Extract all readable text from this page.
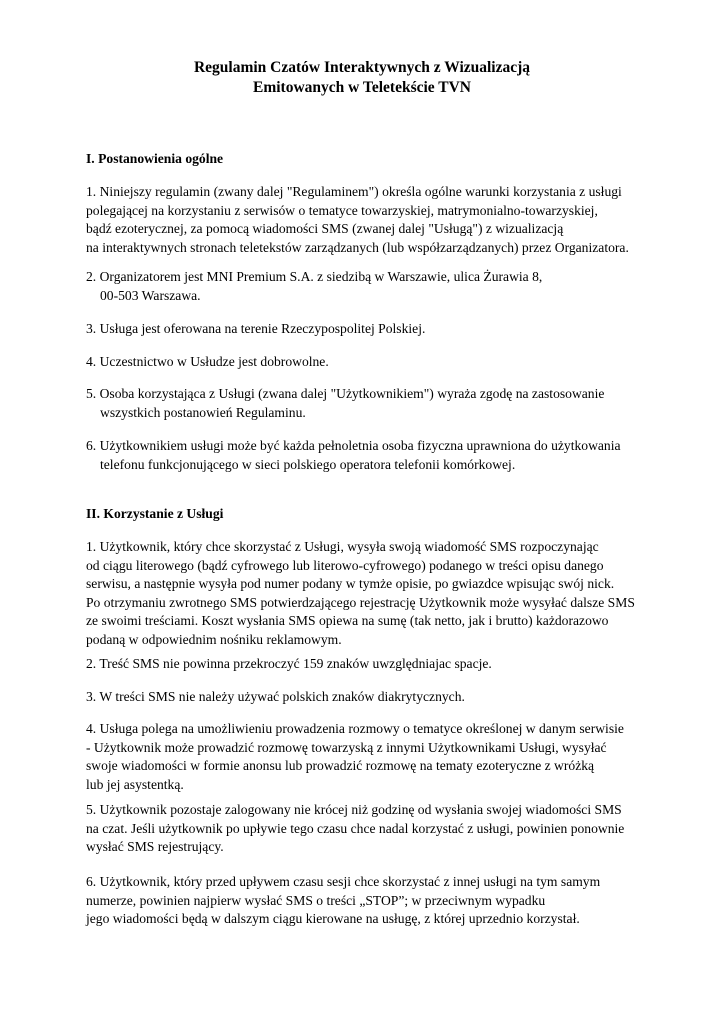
Regulamin Czatów Interaktywnych z Wizualizacją
Emitowanych w Teletekście TVN
I. Postanowienia ogólne
1. Niniejszy regulamin (zwany dalej "Regulaminem") określa ogólne warunki korzystania z usługi
polegającej na korzystaniu z serwisów o tematyce towarzyskiej, matrymonialno-towarzyskiej,
bądź ezoterycznej, za pomocą wiadomości SMS (zwanej dalej "Usługą") z wizualizacją
na interaktywnych stronach teletekstów zarządzanych (lub współzarządzanych) przez Organizatora.
2. Organizatorem jest MNI Premium S.A. z siedzibą w Warszawie, ulica Żurawia 8,
00-503 Warszawa.
3. Usługa jest oferowana na terenie Rzeczypospolitej Polskiej.
4. Uczestnictwo w Usłudze jest dobrowolne.
5. Osoba korzystająca z Usługi (zwana dalej "Użytkownikiem") wyraża zgodę na zastosowanie
wszystkich postanowień Regulaminu.
6. Użytkownikiem usługi może być każda pełnoletnia osoba fizyczna uprawniona do użytkowania
telefonu funkcjonującego w sieci polskiego operatora telefonii komórkowej.
II. Korzystanie z Usługi
1. Użytkownik, który chce skorzystać z Usługi, wysyła swoją wiadomość SMS rozpoczynając
od ciągu literowego (bądź cyfrowego lub literowo-cyfrowego) podanego w treści opisu danego
serwisu, a następnie wysyła pod numer podany w tymże opisie, po gwiazdce wpisując swój nick.
Po otrzymaniu zwrotnego SMS potwierdzającego rejestrację Użytkownik może wysyłać dalsze SMS
ze swoimi treściami. Koszt wysłania SMS opiewa na sumę (tak netto, jak i brutto) każdorazowo
podaną w odpowiednim nośniku reklamowym.
2. Treść SMS nie powinna przekroczyć 159 znaków uwzględniajac spacje.
3. W treści SMS nie należy używać polskich znaków diakrytycznych.
4. Usługa polega na umożliwieniu prowadzenia rozmowy o tematyce określonej w danym serwisie
- Użytkownik może prowadzić rozmowę towarzyską z innymi Użytkownikami Usługi, wysyłać
swoje wiadomości w formie anonsu lub prowadzić rozmowę na tematy ezoteryczne z wróżką
lub jej asystentką.
5. Użytkownik pozostaje zalogowany nie krócej niż godzinę od wysłania swojej wiadomości SMS
na czat. Jeśli użytkownik po upływie tego czasu chce nadal korzystać z usługi, powinien ponownie
wysłać SMS rejestrujący.
6. Użytkownik, który przed upływem czasu sesji chce skorzystać z innej usługi na tym samym
numerze, powinien najpierw wysłać SMS o treści „STOP”; w przeciwnym wypadku
jego wiadomości będą w dalszym ciągu kierowane na usługę, z której uprzednio korzystał.
